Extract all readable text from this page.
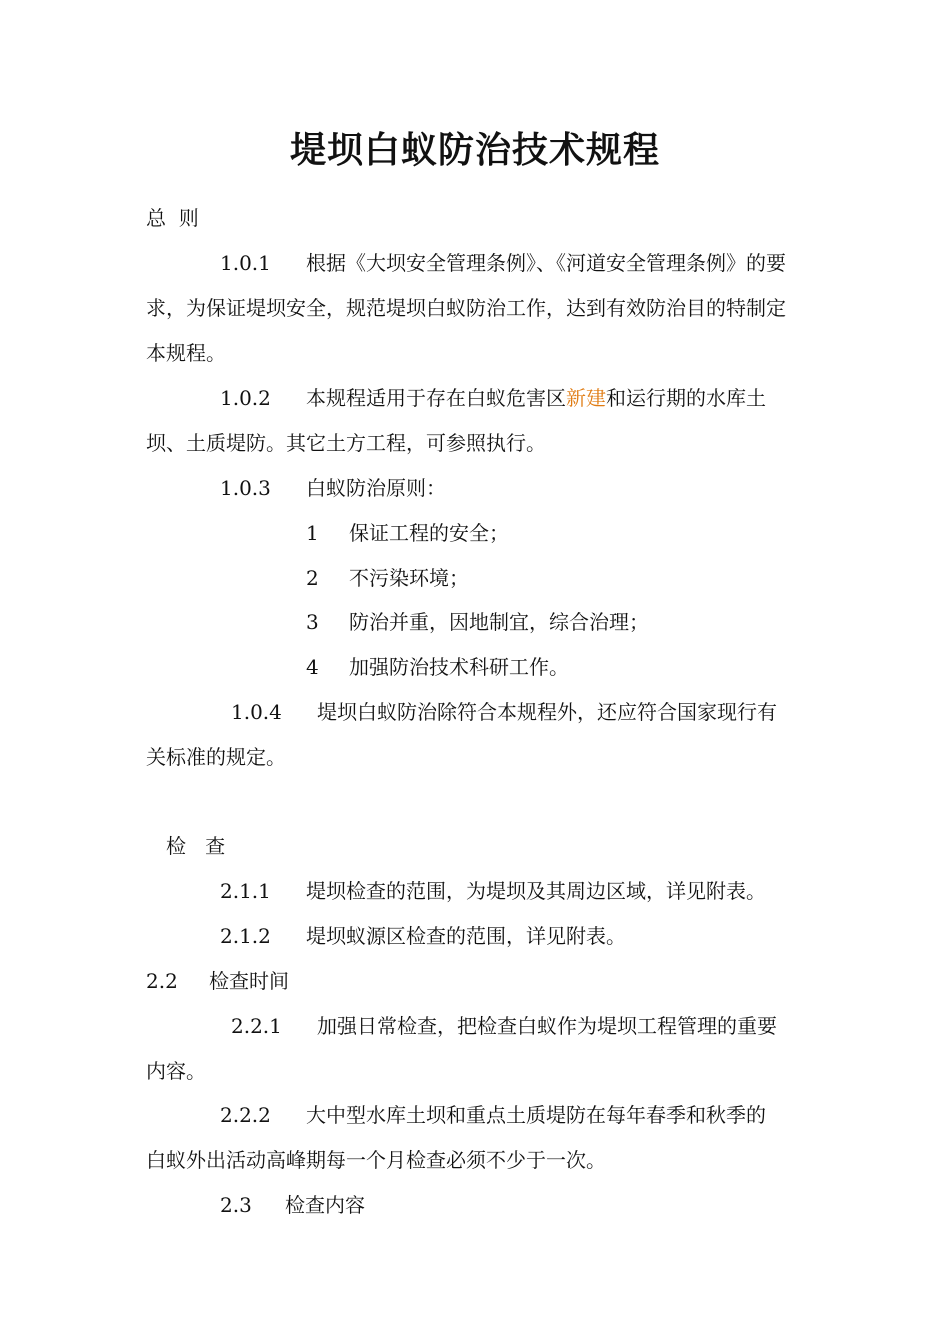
堤坝白蚁防治技术规程
总  则
1.0.1 根据《大坝安全管理条例》、《河道安全管理条例》的要
求，为保证堤坝安全，规范堤坝白蚁防治工作，达到有效防治目的特制定
本规程。
1.0.2 本规程适用于存在白蚁危害区新建和运行期的水库土
坝、土质堤防。其它土方工程，可参照执行。
1.0.3 白蚁防治原则：
1 保证工程的安全；
2 不污染环境；
3 防治并重，因地制宜，综合治理；
4 加强防治技术科研工作。
1.0.4 堤坝白蚁防治除符合本规程外，还应符合国家现行有
关标准的规定。
检   查
2.1.1 堤坝检查的范围，为堤坝及其周边区域，详见附表。
2.1.2 堤坝蚁源区检查的范围，详见附表。
2.2 检查时间
2.2.1 加强日常检查，把检查白蚁作为堤坝工程管理的重要
内容。
2.2.2 大中型水库土坝和重点土质堤防在每年春季和秋季的
白蚁外出活动高峰期每一个月检查必须不少于一次。
2.3 检查内容
